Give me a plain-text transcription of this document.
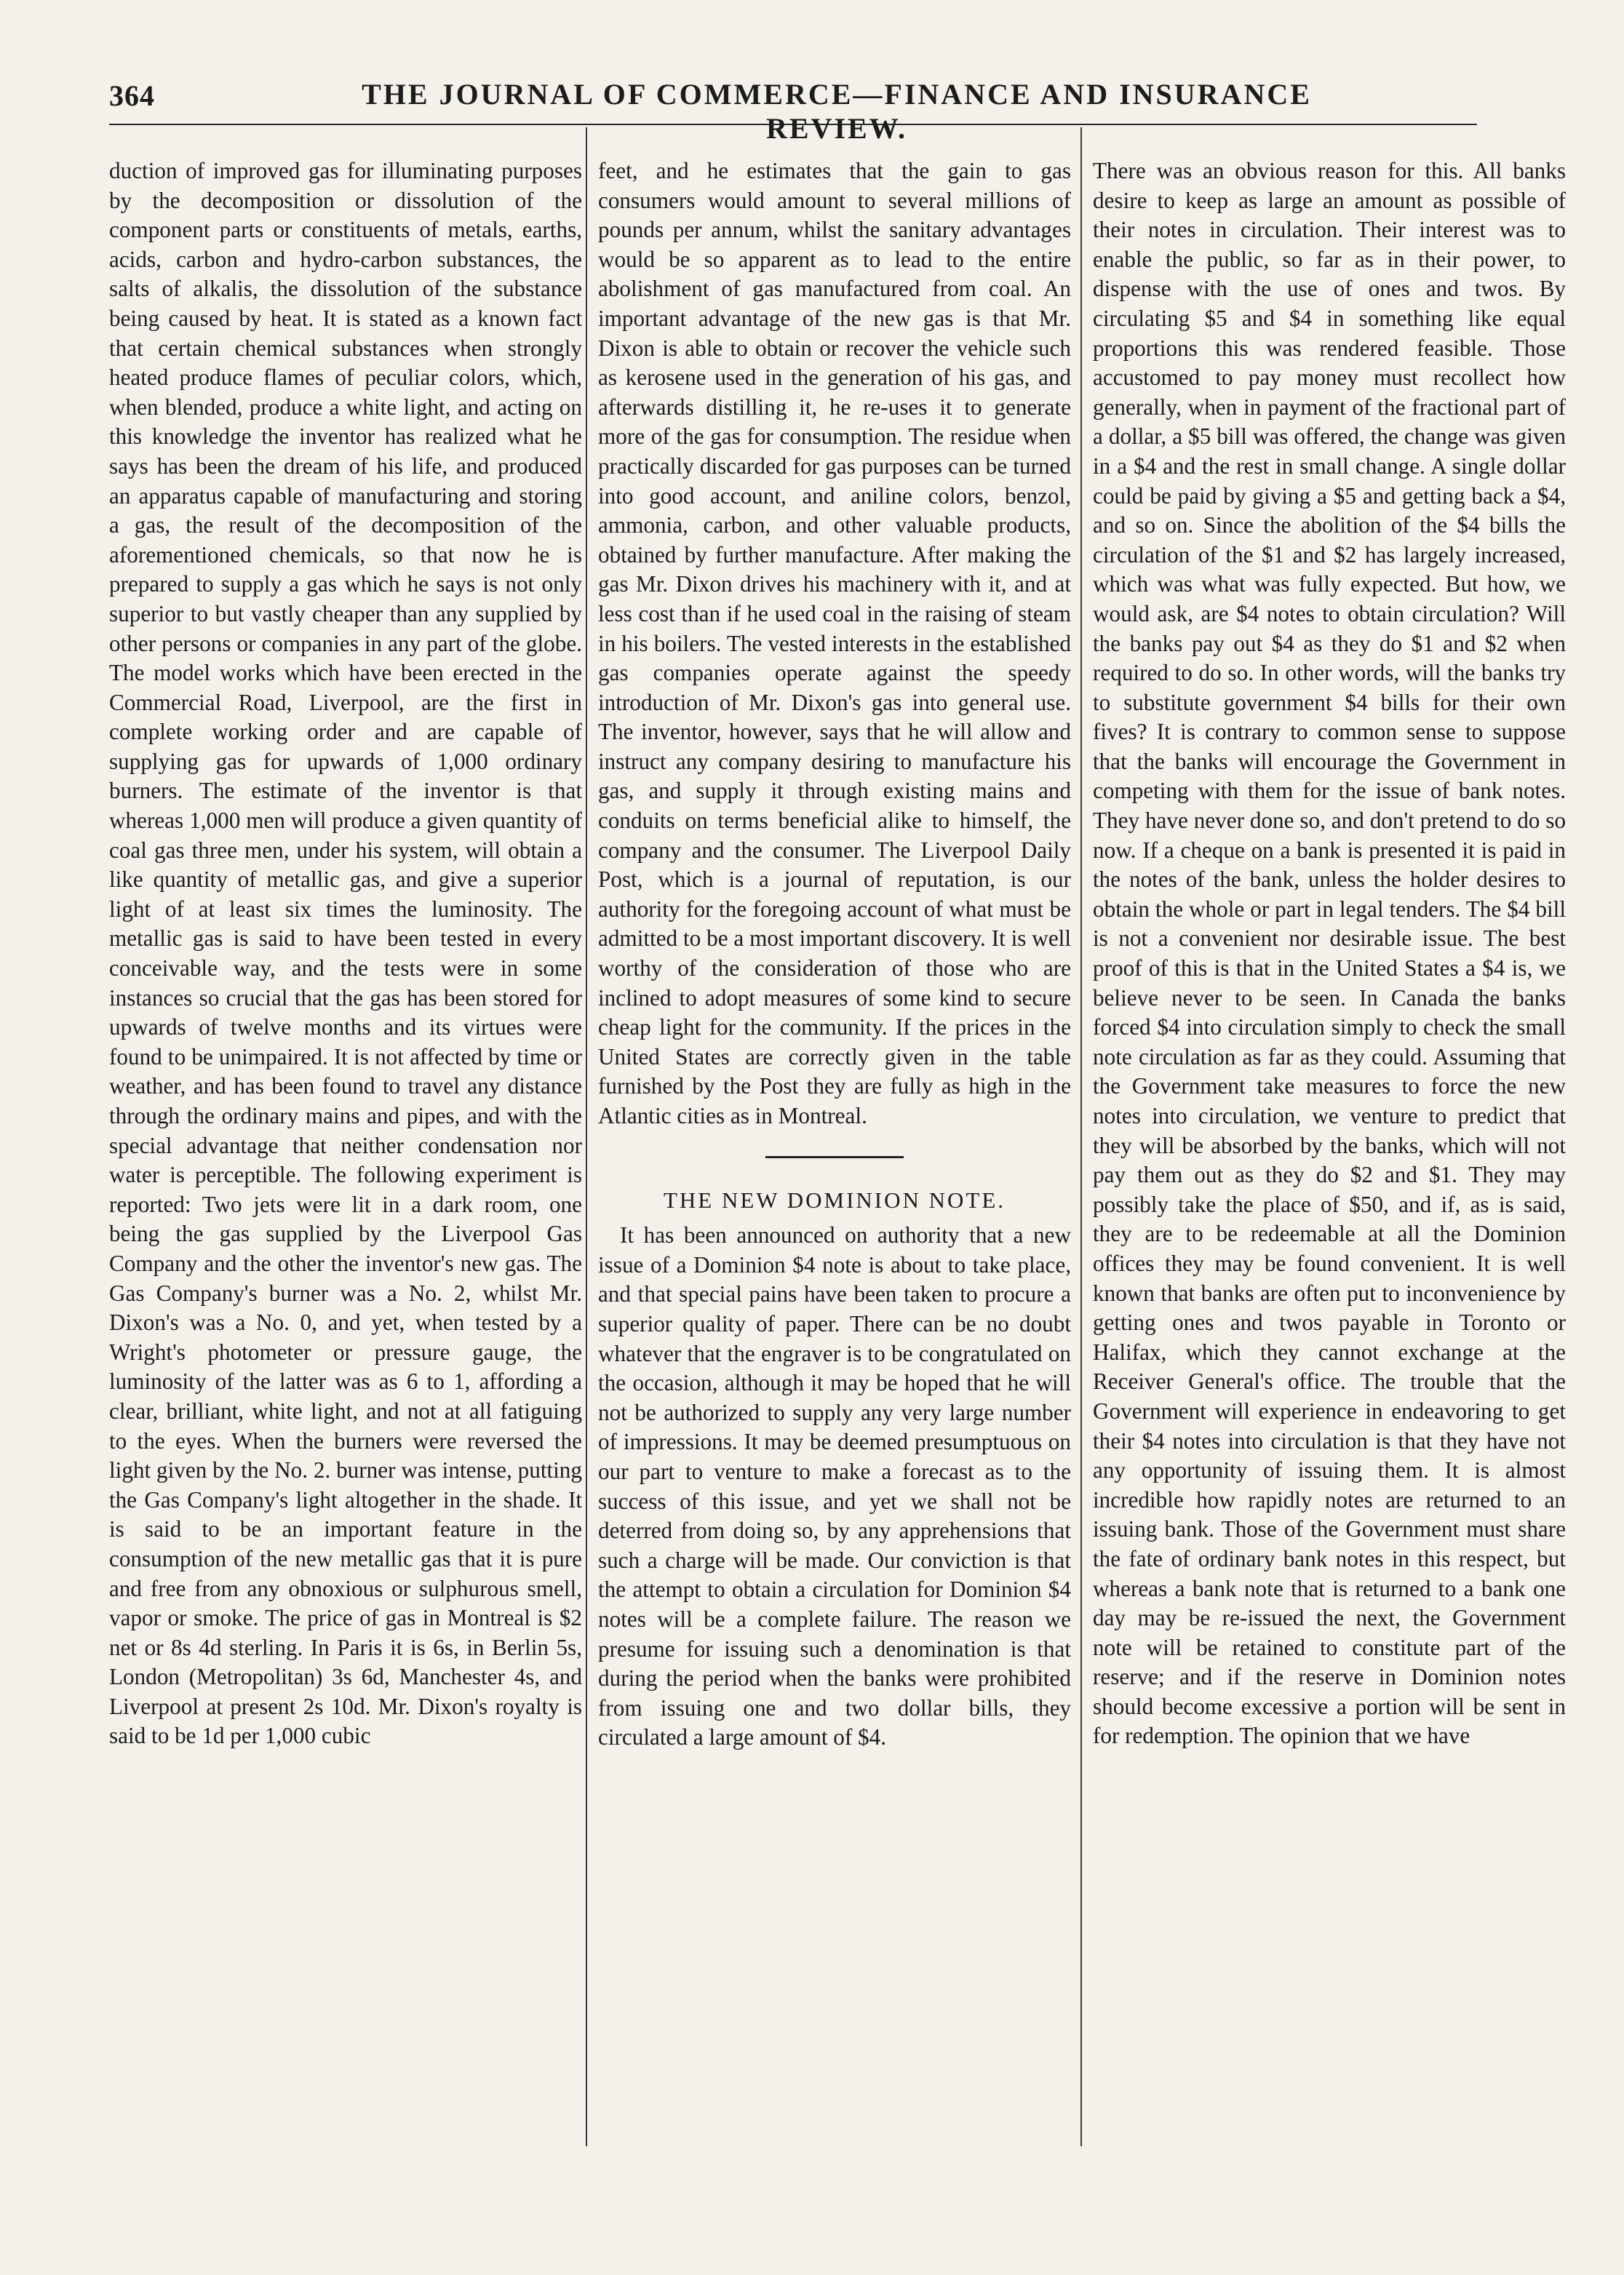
364	THE JOURNAL OF COMMERCE—FINANCE AND INSURANCE REVIEW.

duction of improved gas for illuminating purposes by the decomposition or dissolution of the component parts or constituents of metals, earths, acids, carbon and hydro-carbon substances, the salts of alkalis, the dissolution of the substance being caused by heat. It is stated as a known fact that certain chemical substances when strongly heated produce flames of peculiar colors, which, when blended, produce a white light, and acting on this knowledge the inventor has realized what he says has been the dream of his life, and produced an apparatus capable of manufacturing and storing a gas, the result of the decomposition of the aforementioned chemicals, so that now he is prepared to supply a gas which he says is not only superior to but vastly cheaper than any supplied by other persons or companies in any part of the globe. The model works which have been erected in the Commercial Road, Liverpool, are the first in complete working order and are capable of supplying gas for upwards of 1,000 ordinary burners. The estimate of the inventor is that whereas 1,000 men will produce a given quantity of coal gas three men, under his system, will obtain a like quantity of metallic gas, and give a superior light of at least six times the luminosity. The metallic gas is said to have been tested in every conceivable way, and the tests were in some instances so crucial that the gas has been stored for upwards of twelve months and its virtues were found to be unimpaired. It is not affected by time or weather, and has been found to travel any distance through the ordinary mains and pipes, and with the special advantage that neither condensation nor water is perceptible. The following experiment is reported: Two jets were lit in a dark room, one being the gas supplied by the Liverpool Gas Company and the other the inventor's new gas. The Gas Company's burner was a No. 2, whilst Mr. Dixon's was a No. 0, and yet, when tested by a Wright's photometer or pressure gauge, the luminosity of the latter was as 6 to 1, affording a clear, brilliant, white light, and not at all fatiguing to the eyes. When the burners were reversed the light given by the No. 2. burner was intense, putting the Gas Company's light altogether in the shade. It is said to be an important feature in the consumption of the new metallic gas that it is pure and free from any obnoxious or sulphurous smell, vapor or smoke. The price of gas in Montreal is $2 net or 8s 4d sterling. In Paris it is 6s, in Berlin 5s, London (Metropolitan) 3s 6d, Manchester 4s, and Liverpool at present 2s 10d. Mr. Dixon's royalty is said to be 1d per 1,000 cubic

feet, and he estimates that the gain to gas consumers would amount to several millions of pounds per annum, whilst the sanitary advantages would be so apparent as to lead to the entire abolishment of gas manufactured from coal. An important advantage of the new gas is that Mr. Dixon is able to obtain or recover the vehicle such as kerosene used in the generation of his gas, and afterwards distilling it, he re-uses it to generate more of the gas for consumption. The residue when practically discarded for gas purposes can be turned into good account, and aniline colors, benzol, ammonia, carbon, and other valuable products, obtained by further manufacture. After making the gas Mr. Dixon drives his machinery with it, and at less cost than if he used coal in the raising of steam in his boilers. The vested interests in the established gas companies operate against the speedy introduction of Mr. Dixon's gas into general use. The inventor, however, says that he will allow and instruct any company desiring to manufacture his gas, and supply it through existing mains and conduits on terms beneficial alike to himself, the company and the consumer. The Liverpool Daily Post, which is a journal of reputation, is our authority for the foregoing account of what must be admitted to be a most important discovery. It is well worthy of the consideration of those who are inclined to adopt measures of some kind to secure cheap light for the community. If the prices in the United States are correctly given in the table furnished by the Post they are fully as high in the Atlantic cities as in Montreal.

THE NEW DOMINION NOTE.

It has been announced on authority that a new issue of a Dominion $4 note is about to take place, and that special pains have been taken to procure a superior quality of paper. There can be no doubt whatever that the engraver is to be congratulated on the occasion, although it may be hoped that he will not be authorized to supply any very large number of impressions. It may be deemed presumptuous on our part to venture to make a forecast as to the success of this issue, and yet we shall not be deterred from doing so, by any apprehensions that such a charge will be made. Our conviction is that the attempt to obtain a circulation for Dominion $4 notes will be a complete failure. The reason we presume for issuing such a denomination is that during the period when the banks were prohibited from issuing one and two dollar bills, they circulated a large amount of $4.

There was an obvious reason for this. All banks desire to keep as large an amount as possible of their notes in circulation. Their interest was to enable the public, so far as in their power, to dispense with the use of ones and twos. By circulating $5 and $4 in something like equal proportions this was rendered feasible. Those accustomed to pay money must recollect how generally, when in payment of the fractional part of a dollar, a $5 bill was offered, the change was given in a $4 and the rest in small change. A single dollar could be paid by giving a $5 and getting back a $4, and so on. Since the abolition of the $4 bills the circulation of the $1 and $2 has largely increased, which was what was fully expected. But how, we would ask, are $4 notes to obtain circulation? Will the banks pay out $4 as they do $1 and $2 when required to do so. In other words, will the banks try to substitute government $4 bills for their own fives? It is contrary to common sense to suppose that the banks will encourage the Government in competing with them for the issue of bank notes. They have never done so, and don't pretend to do so now. If a cheque on a bank is presented it is paid in the notes of the bank, unless the holder desires to obtain the whole or part in legal tenders. The $4 bill is not a convenient nor desirable issue. The best proof of this is that in the United States a $4 is, we believe never to be seen. In Canada the banks forced $4 into circulation simply to check the small note circulation as far as they could. Assuming that the Government take measures to force the new notes into circulation, we venture to predict that they will be absorbed by the banks, which will not pay them out as they do $2 and $1. They may possibly take the place of $50, and if, as is said, they are to be redeemable at all the Dominion offices they may be found convenient. It is well known that banks are often put to inconvenience by getting ones and twos payable in Toronto or Halifax, which they cannot exchange at the Receiver General's office. The trouble that the Government will experience in endeavoring to get their $4 notes into circulation is that they have not any opportunity of issuing them. It is almost incredible how rapidly notes are returned to an issuing bank. Those of the Government must share the fate of ordinary bank notes in this respect, but whereas a bank note that is returned to a bank one day may be re-issued the next, the Government note will be retained to constitute part of the reserve; and if the reserve in Dominion notes should become excessive a portion will be sent in for redemption. The opinion that we have
